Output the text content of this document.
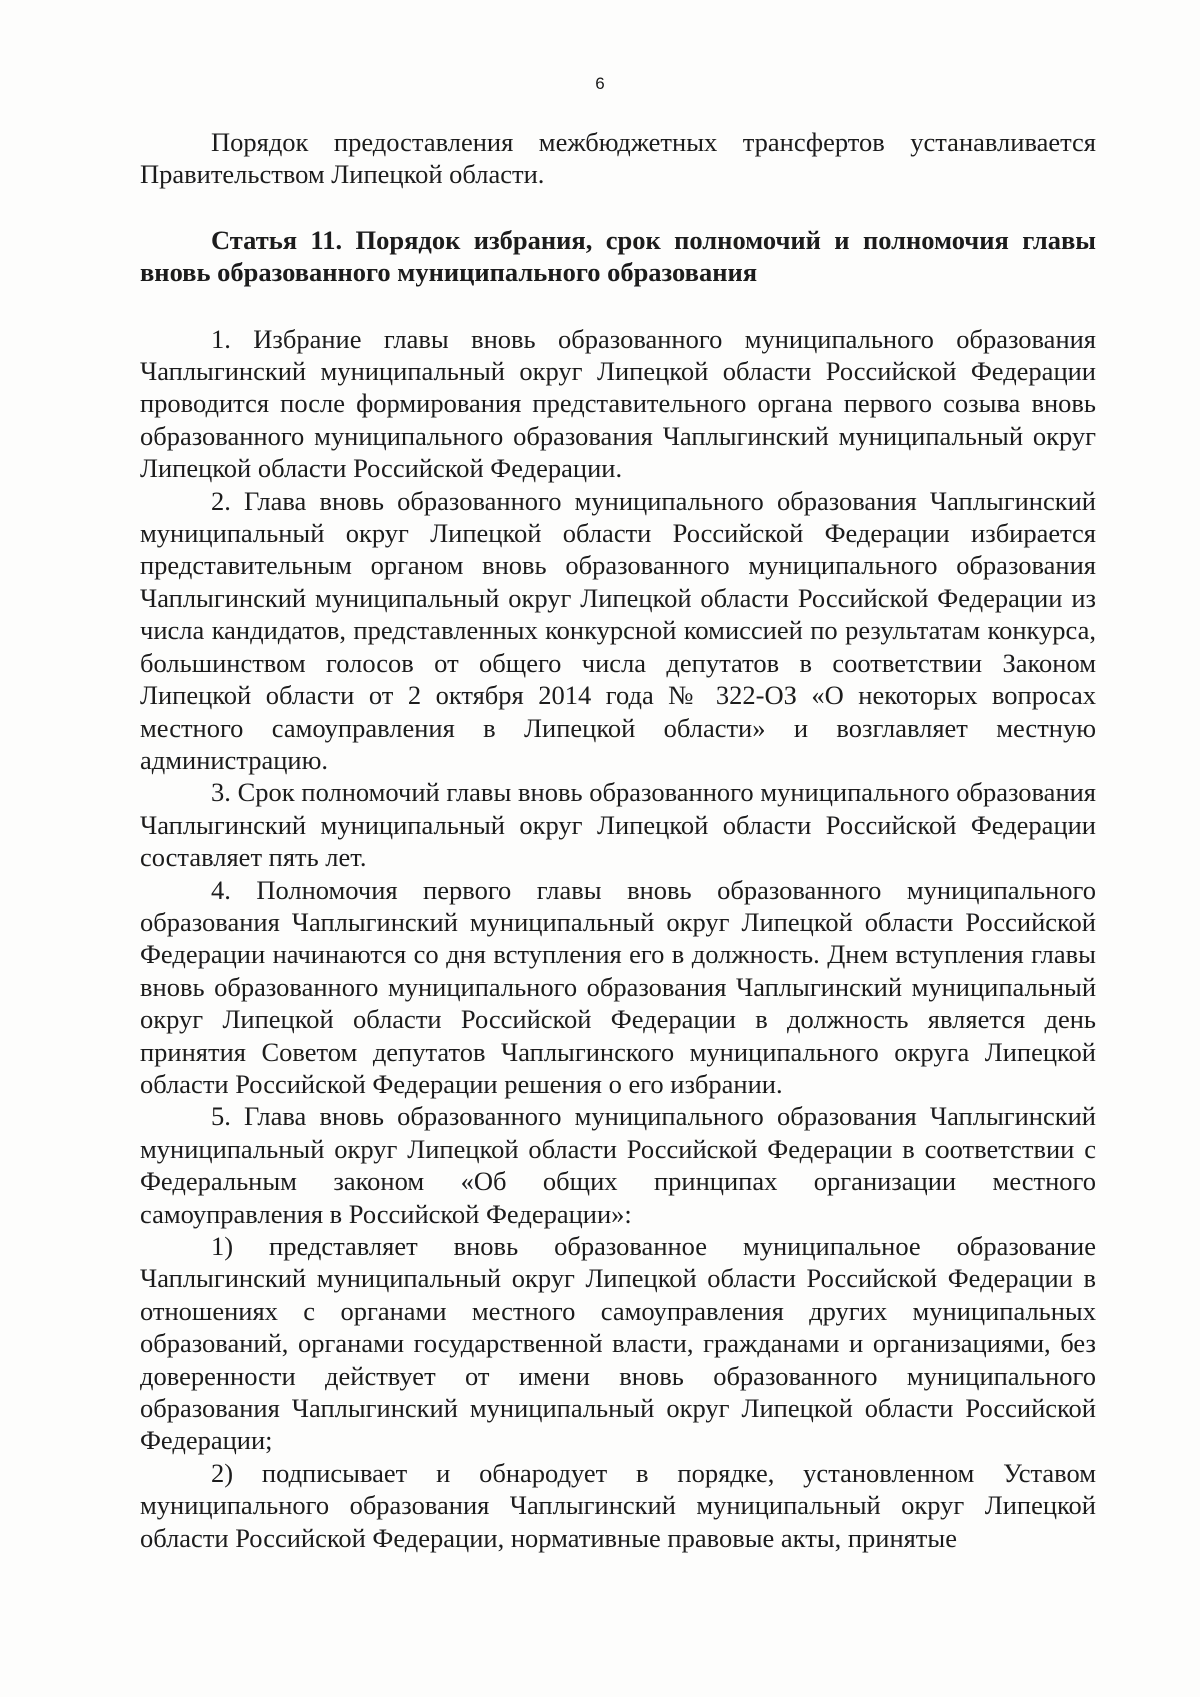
6

Порядок предоставления межбюджетных трансфертов устанавливается Правительством Липецкой области.

Статья 11. Порядок избрания, срок полномочий и полномочия главы вновь образованного муниципального образования

1. Избрание главы вновь образованного муниципального образования Чаплыгинский муниципальный округ Липецкой области Российской Федерации проводится после формирования представительного органа первого созыва вновь образованного муниципального образования Чаплыгинский муниципальный округ Липецкой области Российской Федерации.

2. Глава вновь образованного муниципального образования Чаплыгинский муниципальный округ Липецкой области Российской Федерации избирается представительным органом вновь образованного муниципального образования Чаплыгинский муниципальный округ Липецкой области Российской Федерации из числа кандидатов, представленных конкурсной комиссией по результатам конкурса, большинством голосов от общего числа депутатов в соответствии Законом Липецкой области от 2 октября 2014 года № 322-ОЗ «О некоторых вопросах местного самоуправления в Липецкой области» и возглавляет местную администрацию.

3. Срок полномочий главы вновь образованного муниципального образования Чаплыгинский муниципальный округ Липецкой области Российской Федерации составляет пять лет.

4. Полномочия первого главы вновь образованного муниципального образования Чаплыгинский муниципальный округ Липецкой области Российской Федерации начинаются со дня вступления его в должность. Днем вступления главы вновь образованного муниципального образования Чаплыгинский муниципальный округ Липецкой области Российской Федерации в должность является день принятия Советом депутатов Чаплыгинского муниципального округа Липецкой области Российской Федерации решения о его избрании.

5. Глава вновь образованного муниципального образования Чаплыгинский муниципальный округ Липецкой области Российской Федерации в соответствии с Федеральным законом «Об общих принципах организации местного самоуправления в Российской Федерации»:

1) представляет вновь образованное муниципальное образование Чаплыгинский муниципальный округ Липецкой области Российской Федерации в отношениях с органами местного самоуправления других муниципальных образований, органами государственной власти, гражданами и организациями, без доверенности действует от имени вновь образованного муниципального образования Чаплыгинский муниципальный округ Липецкой области Российской Федерации;

2) подписывает и обнародует в порядке, установленном Уставом муниципального образования Чаплыгинский муниципальный округ Липецкой области Российской Федерации, нормативные правовые акты, принятые
